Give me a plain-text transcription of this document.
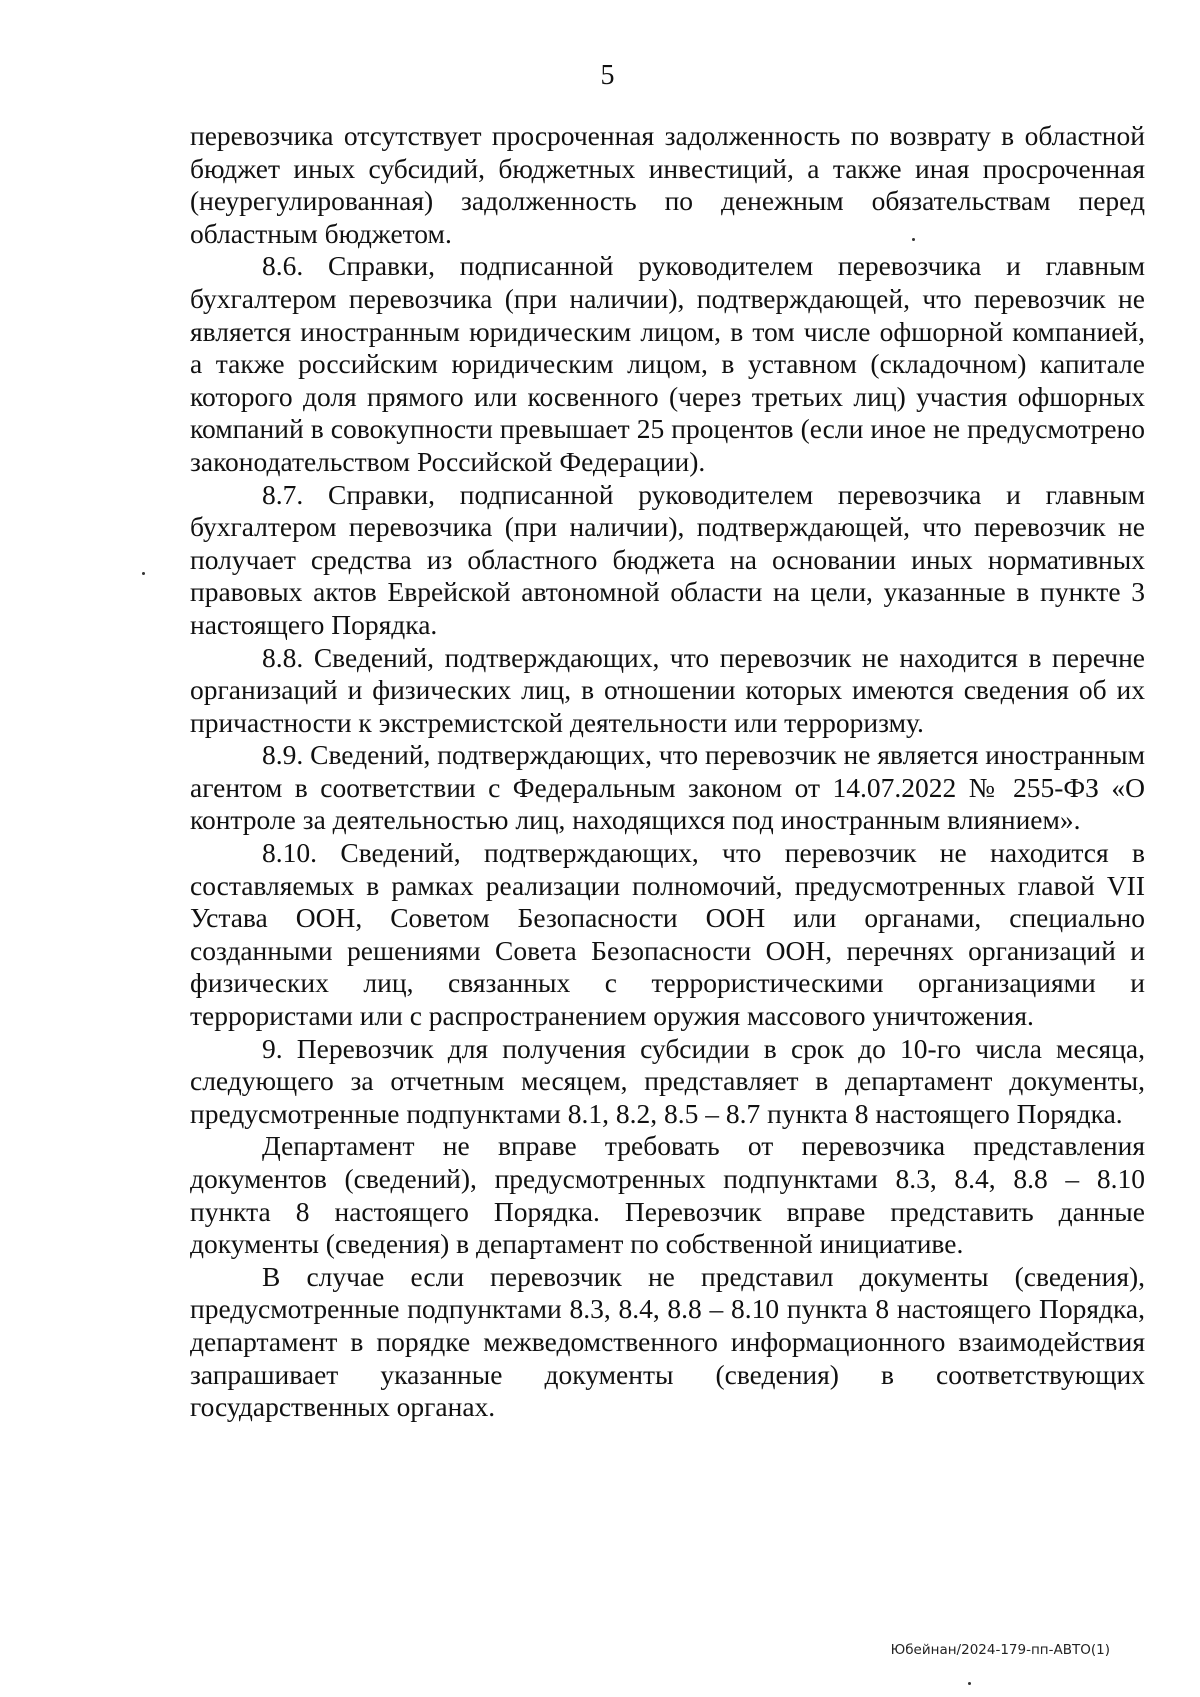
5

перевозчика отсутствует просроченная задолженность по возврату в областной бюджет иных субсидий, бюджетных инвестиций, а также иная просроченная (неурегулированная) задолженность по денежным обязательствам перед областным бюджетом.

8.6. Справки, подписанной руководителем перевозчика и главным бухгалтером перевозчика (при наличии), подтверждающей, что перевозчик не является иностранным юридическим лицом, в том числе офшорной компанией, а также российским юридическим лицом, в уставном (складочном) капитале которого доля прямого или косвенного (через третьих лиц) участия офшорных компаний в совокупности превышает 25 процентов (если иное не предусмотрено законодательством Российской Федерации).

8.7. Справки, подписанной руководителем перевозчика и главным бухгалтером перевозчика (при наличии), подтверждающей, что перевозчик не получает средства из областного бюджета на основании иных нормативных правовых актов Еврейской автономной области на цели, указанные в пункте 3 настоящего Порядка.

8.8. Сведений, подтверждающих, что перевозчик не находится в перечне организаций и физических лиц, в отношении которых имеются сведения об их причастности к экстремистской деятельности или терроризму.

8.9. Сведений, подтверждающих, что перевозчик не является иностранным агентом в соответствии с Федеральным законом от 14.07.2022 № 255-ФЗ «О контроле за деятельностью лиц, находящихся под иностранным влиянием».

8.10. Сведений, подтверждающих, что перевозчик не находится в составляемых в рамках реализации полномочий, предусмотренных главой VII Устава ООН, Советом Безопасности ООН или органами, специально созданными решениями Совета Безопасности ООН, перечнях организаций и физических лиц, связанных с террористическими организациями и террористами или с распространением оружия массового уничтожения.

9. Перевозчик для получения субсидии в срок до 10-го числа месяца, следующего за отчетным месяцем, представляет в департамент документы, предусмотренные подпунктами 8.1, 8.2, 8.5 – 8.7 пункта 8 настоящего Порядка.

Департамент не вправе требовать от перевозчика представления документов (сведений), предусмотренных подпунктами 8.3, 8.4, 8.8 – 8.10 пункта 8 настоящего Порядка. Перевозчик вправе представить данные документы (сведения) в департамент по собственной инициативе.

В случае если перевозчик не представил документы (сведения), предусмотренные подпунктами 8.3, 8.4, 8.8 – 8.10 пункта 8 настоящего Порядка, департамент в порядке межведомственного информационного взаимодействия запрашивает указанные документы (сведения) в соответствующих государственных органах.

Юбейнан/2024-179-пп-АВТО(1)
